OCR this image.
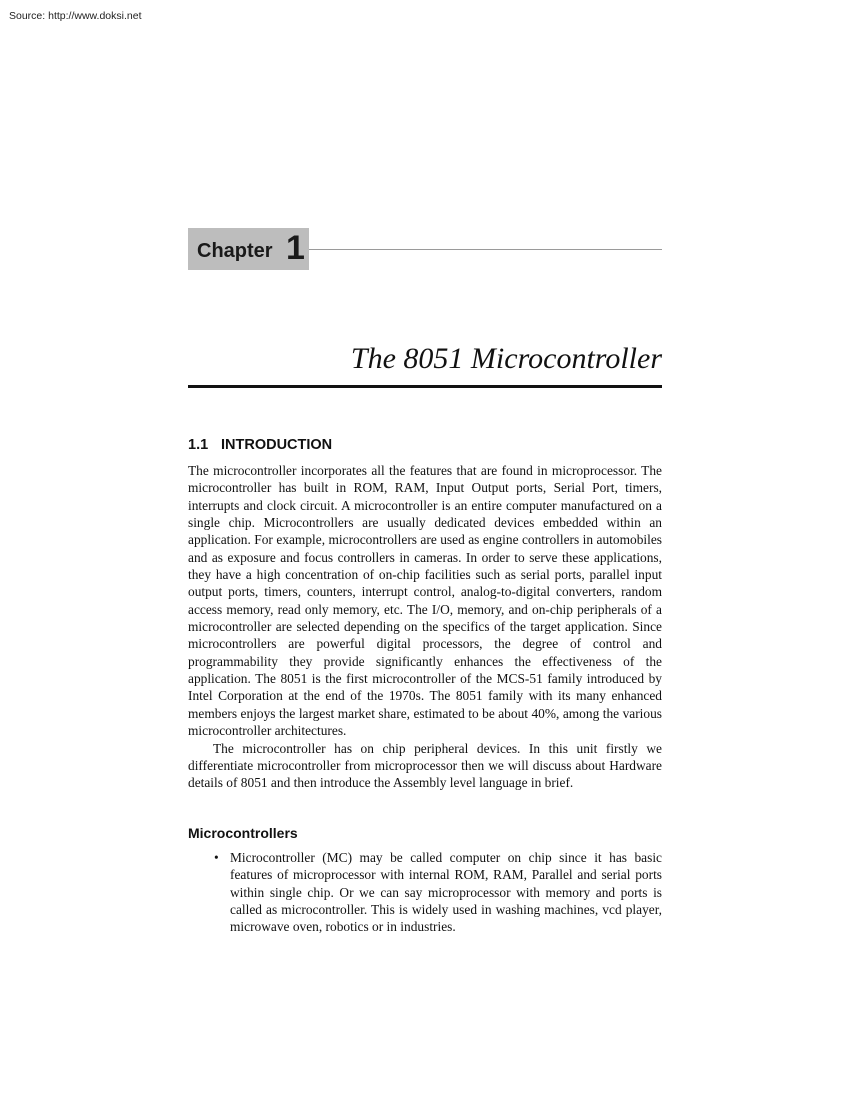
Source: http://www.doksi.net
Chapter 1
The 8051 Microcontroller
1.1 INTRODUCTION

The microcontroller incorporates all the features that are found in microprocessor. The microcontroller has built in ROM, RAM, Input Output ports, Serial Port, timers, interrupts and clock circuit. A microcontroller is an entire computer manufactured on a single chip. Microcontrollers are usually dedicated devices embedded within an application. For example, microcontrollers are used as engine controllers in automobiles and as exposure and focus controllers in cameras. In order to serve these applications, they have a high concentration of on-chip facilities such as serial ports, parallel input output ports, timers, counters, interrupt control, analog-to-digital converters, random access memory, read only memory, etc. The I/O, memory, and on-chip peripherals of a microcontroller are selected depending on the specifics of the target application. Since microcontrollers are powerful digital processors, the degree of control and programmability they provide significantly enhances the effectiveness of the application. The 8051 is the first microcontroller of the MCS-51 family introduced by Intel Corporation at the end of the 1970s. The 8051 family with its many enhanced members enjoys the largest market share, estimated to be about 40%, among the various microcontroller architectures.

The microcontroller has on chip peripheral devices. In this unit firstly we differentiate microcontroller from microprocessor then we will discuss about Hardware details of 8051 and then introduce the Assembly level language in brief.

Microcontrollers
• Microcontroller (MC) may be called computer on chip since it has basic features of microprocessor with internal ROM, RAM, Parallel and serial ports within single chip. Or we can say microprocessor with memory and ports is called as microcontroller. This is widely used in washing machines, vcd player, microwave oven, robotics or in industries.
